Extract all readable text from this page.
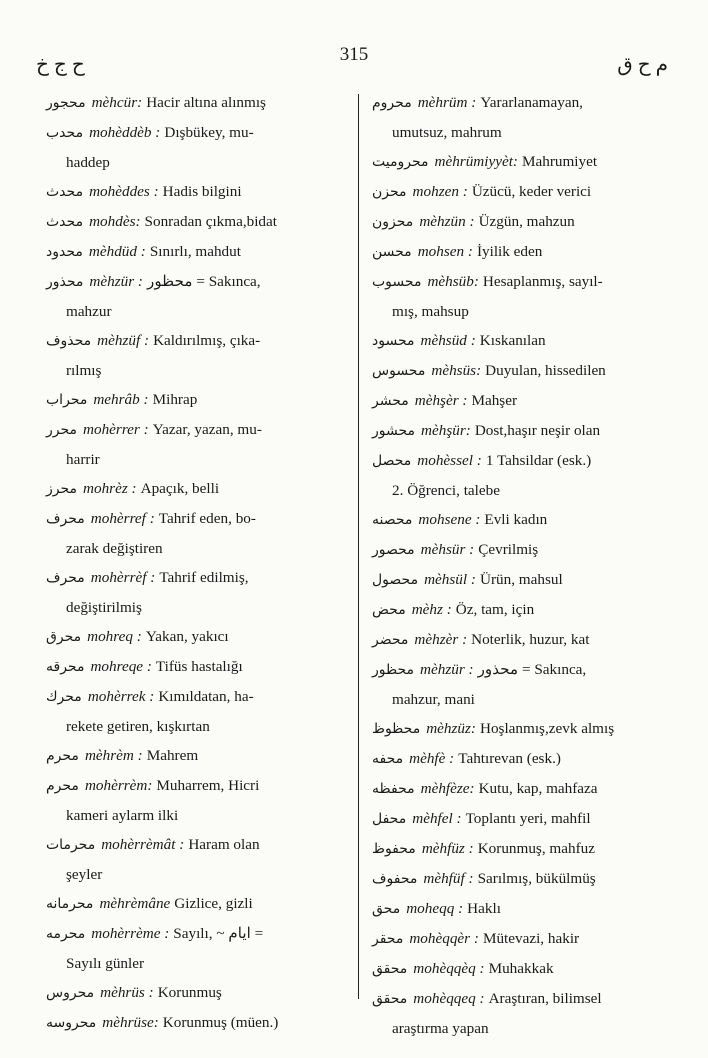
ح ج خ	315	م ح ق
محجور mèhcür: Hacir altına alınmış
محدب mohèddèb : Dışbükey, mu-
haddep
محدث mohèddes : Hadis bilgini
محدث mohdès: Sonradan çıkma,bidat
محدود mèhdüd : Sınırlı, mahdut
محذور mèhzür : محظور = Sakınca,
mahzur
محذوف mèhzüf : Kaldırılmış, çıka-
rılmış
محراب mehrâb : Mihrap
محرر mohèrrer : Yazar, yazan, mu-
harrir
محرز mohrèz : Apaçık, belli
محرف mohèrref : Tahrif eden, bo-
zarak değiştiren
محرف mohèrrèf : Tahrif edilmiş,
değiştirilmiş
محرق mohreq : Yakan, yakıcı
محرقه mohreqe : Tifüs hastalığı
محرك mohèrrek : Kımıldatan, ha-
rekete getiren, kışkırtan
محرم mèhrèm : Mahrem
محرم mohèrrèm: Muharrem, Hicri
kameri aylarm ilki
محرمات mohèrrèmât : Haram olan
şeyler
محرمانه mèhrèmâne Gizlice, gizli
محرمه mohèrrème : Sayılı, ~ ايام =
Sayılı günler
محروس mèhrüs : Korunmuş
محروسه mèhrüse: Korunmuş (müen.)
محروم mèhrüm : Yararlanamayan,
umutsuz, mahrum
محروميت mèhrümiyyèt: Mahrumiyet
محزن mohzen : Üzücü, keder verici
محزون mèhzün : Üzgün, mahzun
محسن mohsen : İyilik eden
محسوب mèhsüb: Hesaplanmış, sayıl-
mış, mahsup
محسود mèhsüd : Kıskanılan
محسوس mèhsüs: Duyulan, hissedilen
محشر mèhşèr : Mahşer
محشور mèhşür: Dost,haşır neşir olan
محصل mohèssel : 1 Tahsildar (esk.)
2. Öğrenci, talebe
محصنه mohsene : Evli kadın
محصور mèhsür : Çevrilmiş
محصول mèhsül : Ürün, mahsul
محض mèhz : Öz, tam, için
محضر mèhzèr : Noterlik, huzur, kat
محظور mèhzür : محذور = Sakınca,
mahzur, mani
محظوظ mèhzüz: Hoşlanmış,zevk almış
محفه mèhfè : Tahtırevan (esk.)
محفظه mèhfèze: Kutu, kap, mahfaza
محفل mèhfel : Toplantı yeri, mahfil
محفوظ mèhfüz : Korunmuş, mahfuz
محفوف mèhfüf : Sarılmış, bükülmüş
محق moheqq : Haklı
محقر mohèqqèr : Mütevazi, hakir
محقق mohèqqèq : Muhakkak
محقق mohèqqeq : Araştıran, bilimsel
araştırma yapan
